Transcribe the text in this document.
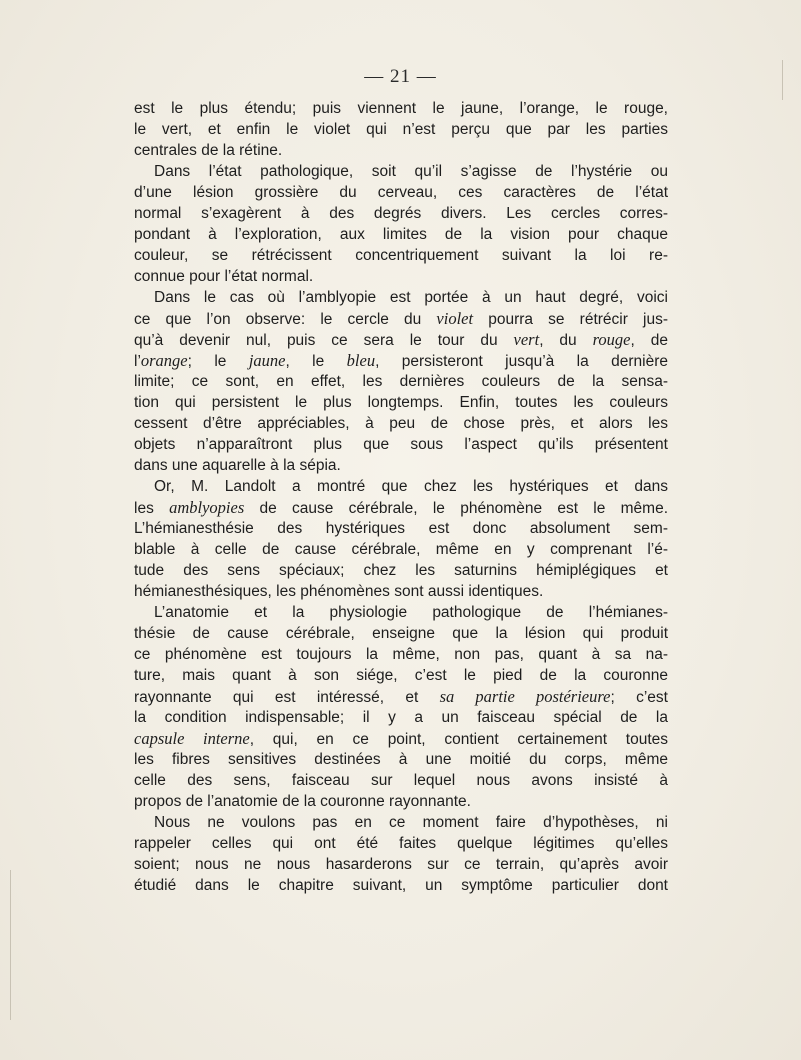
— 21 —
est le plus étendu; puis viennent le jaune, l’orange, le rouge,
le vert, et enfin le violet qui n’est perçu que par les parties
centrales de la rétine.
Dans l’état pathologique, soit qu’il s’agisse de l’hystérie ou
d’une lésion grossière du cerveau, ces caractères de l’état
normal s’exagèrent à des degrés divers. Les cercles corres-
pondant à l’exploration, aux limites de la vision pour chaque
couleur, se rétrécissent concentriquement suivant la loi re-
connue pour l’état normal.
Dans le cas où l’amblyopie est portée à un haut degré, voici
ce que l’on observe: le cercle du violet pourra se rétrécir jus-
qu’à devenir nul, puis ce sera le tour du vert, du rouge, de
l’orange; le jaune, le bleu, persisteront jusqu’à la dernière
limite; ce sont, en effet, les dernières couleurs de la sensa-
tion qui persistent le plus longtemps. Enfin, toutes les couleurs
cessent d’être appréciables, à peu de chose près, et alors les
objets n’apparaîtront plus que sous l’aspect qu’ils présentent
dans une aquarelle à la sépia.
Or, M. Landolt a montré que chez les hystériques et dans
les amblyopies de cause cérébrale, le phénomène est le même.
L’hémianesthésie des hystériques est donc absolument sem-
blable à celle de cause cérébrale, même en y comprenant l’é-
tude des sens spéciaux; chez les saturnins hémiplégiques et
hémianesthésiques, les phénomènes sont aussi identiques.
L’anatomie et la physiologie pathologique de l’hémianes-
thésie de cause cérébrale, enseigne que la lésion qui produit
ce phénomène est toujours la même, non pas, quant à sa na-
ture, mais quant à son siége, c’est le pied de la couronne
rayonnante qui est intéressé, et sa partie postérieure; c’est
la condition indispensable; il y a un faisceau spécial de la
capsule interne, qui, en ce point, contient certainement toutes
les fibres sensitives destinées à une moitié du corps, même
celle des sens, faisceau sur lequel nous avons insisté à
propos de l’anatomie de la couronne rayonnante.
Nous ne voulons pas en ce moment faire d’hypothèses, ni
rappeler celles qui ont été faites quelque légitimes qu’elles
soient; nous ne nous hasarderons sur ce terrain, qu’après avoir
étudié dans le chapitre suivant, un symptôme particulier dont
